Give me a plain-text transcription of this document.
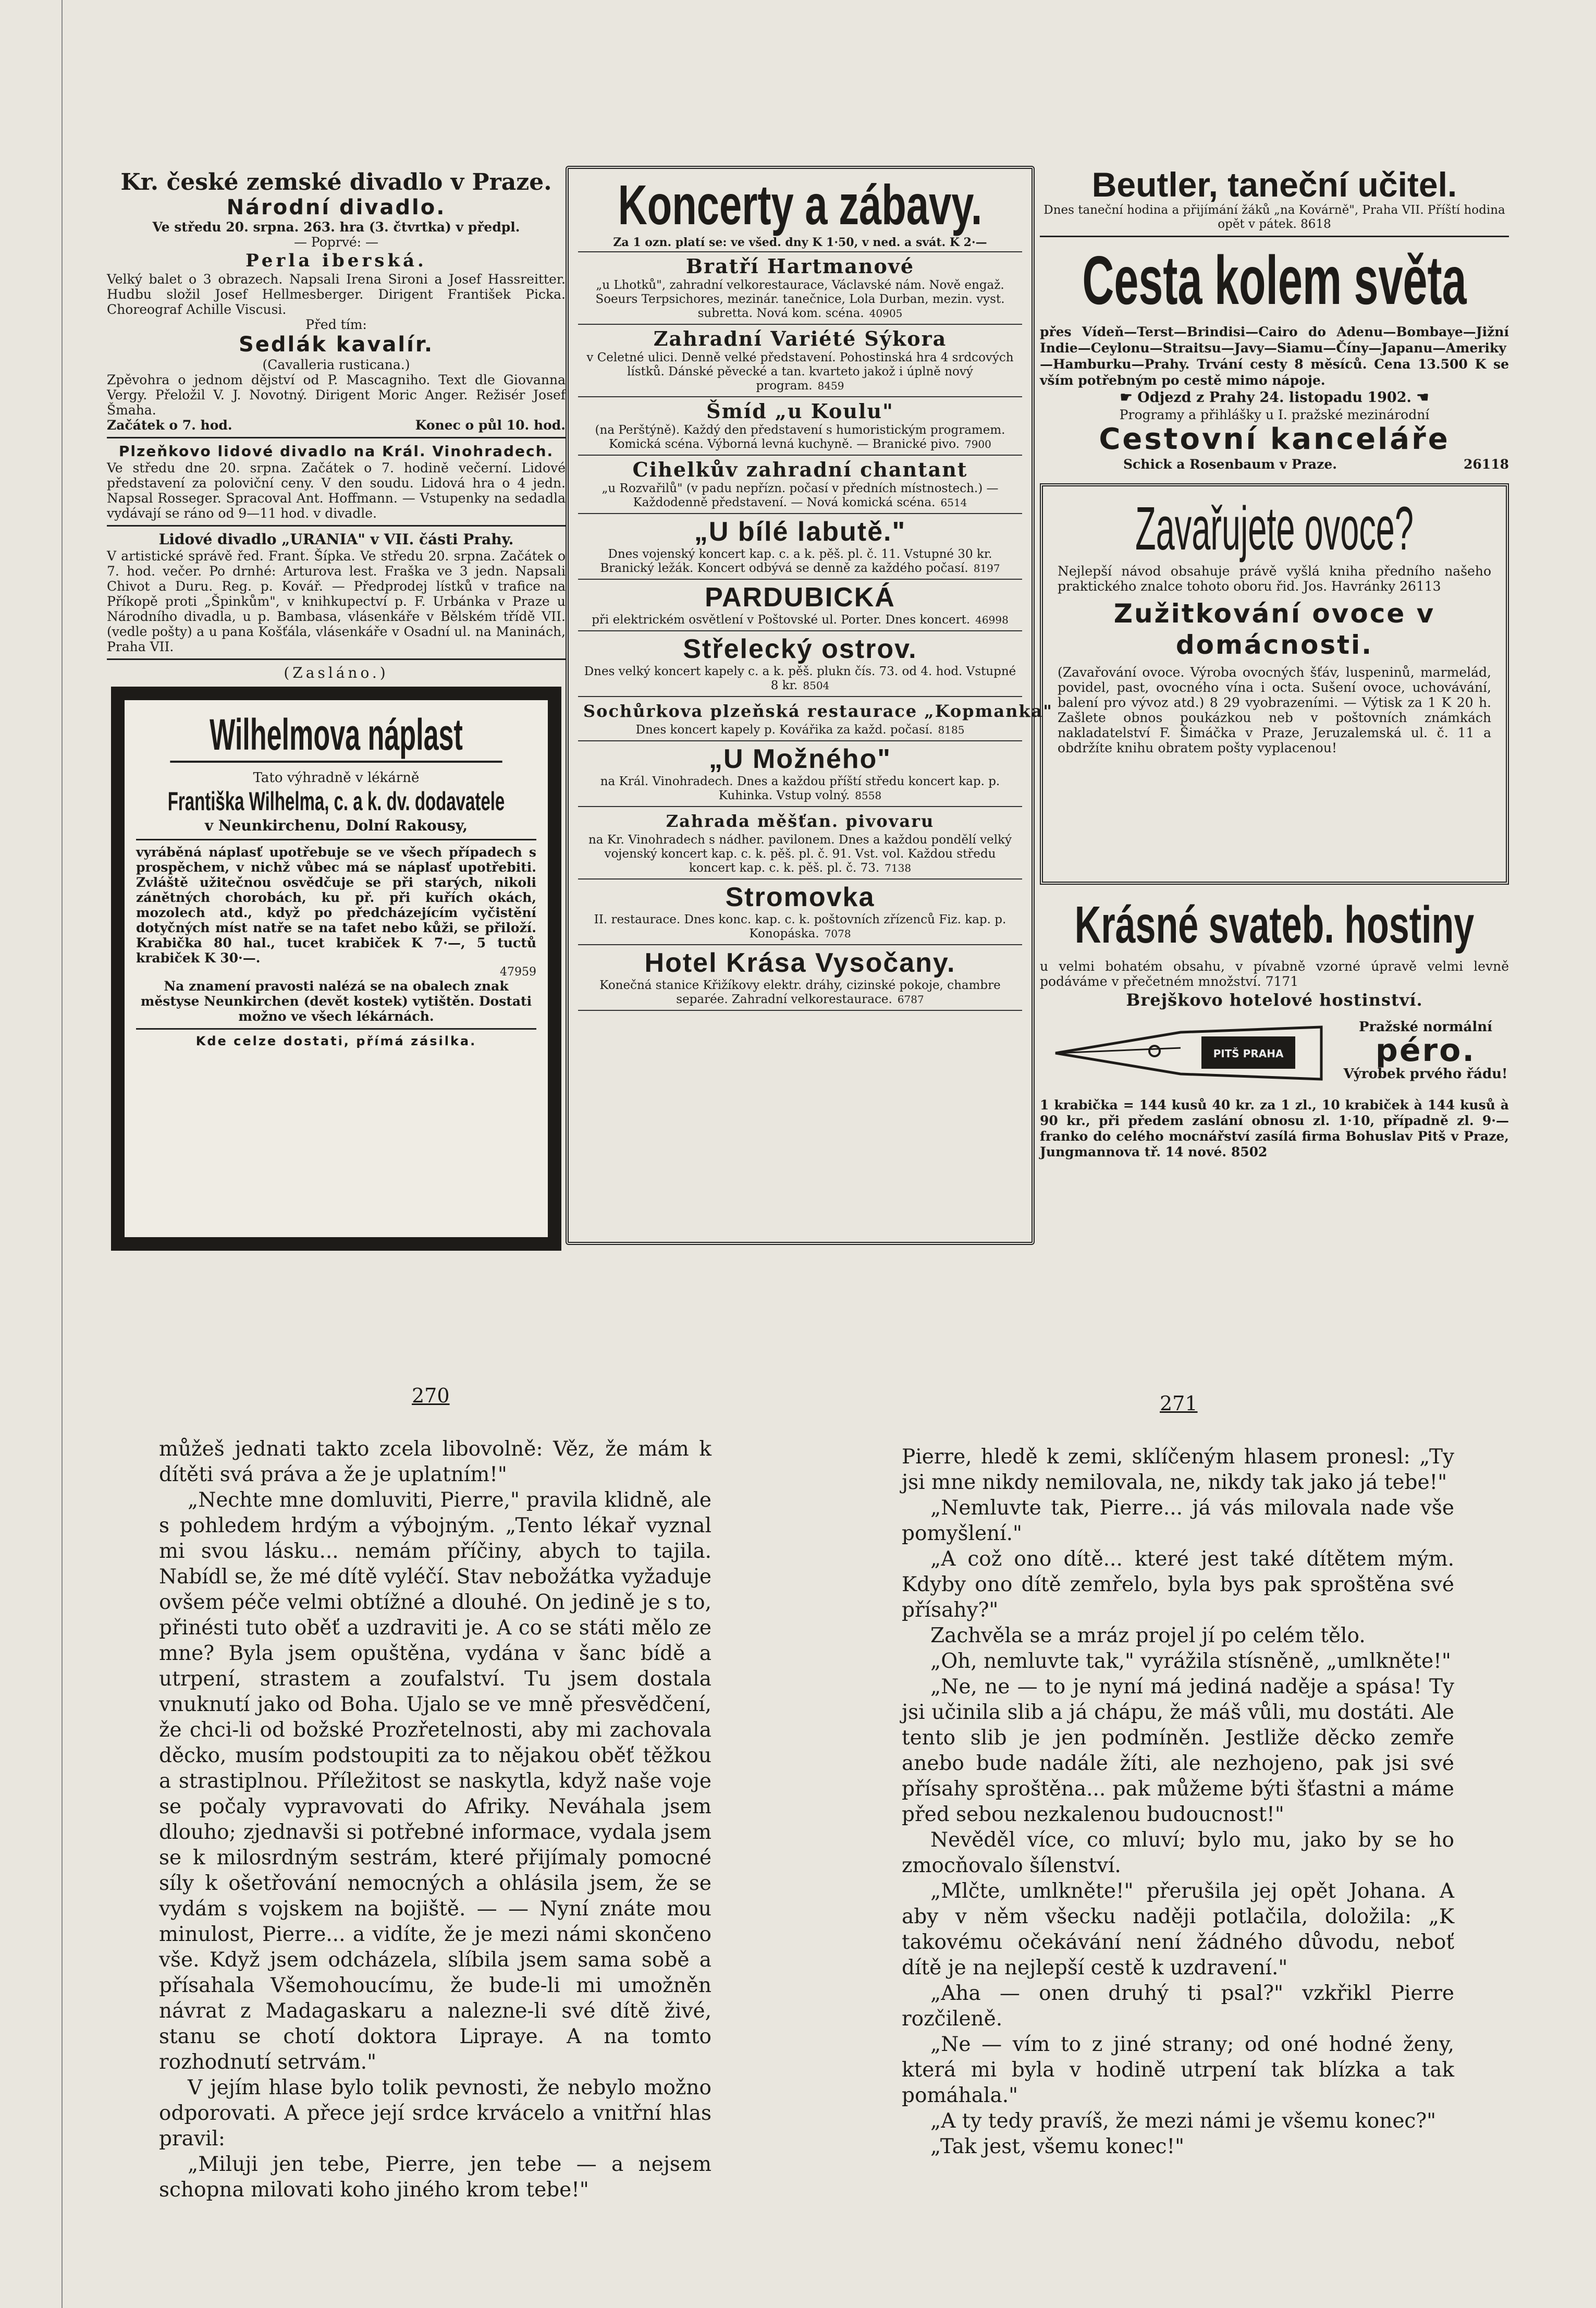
Kr. české zemské divadlo v Praze.
Národní divadlo.
Ve středu 20. srpna. 263. hra (3. čtvrtka) v předpl.
— Poprvé: —
Perla iberská.
Velký balet o 3 obrazech. Napsali Irena Sironi a Josef Hassreitter. Hudbu složil Josef Hellmesberger. Dirigent František Picka. Choreograf Achille Viscusi.
Před tím:
Sedlák kavalír.
(Cavalleria rusticana.)
Zpěvohra o jednom dějství od P. Mascagniho. Text dle Giovanna Vergy. Přeložil V. J. Novotný. Dirigent Moric Anger. Režisér Josef Šmaha.
Začátek o 7. hod.	Konec o půl 10. hod.
Plzeňkovo lidové divadlo na Král. Vinohradech.
Ve středu dne 20. srpna. Začátek o 7. hodině večerní. Lidové představení za poloviční ceny. V den soudu. Lidová hra o 4 jedn. Napsal Rosseger. Spracoval Ant. Hoffmann. — Vstupenky na sedadla vydávají se ráno od 9—11 hod. v divadle.
Lidové divadlo „URANIA" v VII. části Prahy.
V artistické správě řed. Frant. Šípka. Ve středu 20. srpna. Začátek o 7. hod. večer. Po drnhé: Arturova lest. Fraška ve 3 jedn. Napsali Chivot a Duru. Reg. p. Kovář. — Předprodej lístků v trafice na Příkopě proti „Špinkům", v knihkupectví p. F. Urbánka v Praze u Národního divadla, u p. Bambasa, vlásenkáře v Bělském třídě VII. (vedle pošty) a u pana Košťála, vlásenkáře v Osadní ul. na Maninách, Praha VII.
(Zasláno.)
Wilhelmova náplast
Tato výhradně v lékárně
Františka Wilhelma, c. a k. dv. dodavatele
v Neunkirchenu, Dolní Rakousy,
vyráběná náplasť upotřebuje se ve všech případech s prospěchem, v nichž vůbec má se náplasť upotřebiti. Zvláště užitečnou osvědčuje se při starých, nikoli zánětných chorobách, ku př. při kuřích okách, mozolech atd., když po předcházejícím vyčistění dotyčných míst natře se na tafet nebo kůži, se přiloží. Krabička 80 hal., tucet krabiček K 7·—, 5 tuctů krabiček K 30·—.
47959
Na znamení pravosti nalézá se na obalech znak městyse Neunkirchen (devět kostek) vytištěn. Dostati možno ve všech lékárnách.
Kde celze dostati, přímá zásilka.
Koncerty a zábavy.
Za 1 ozn. platí se: ve všed. dny K 1·50, v ned. a svát. K 2·—
Bratří Hartmanové
„u Lhotků", zahradní velkorestaurace, Václavské nám. Nově engaž. Soeurs Terpsichores, mezinár. tanečnice, Lola Durban, mezin. vyst. subretta. Nová kom. scéna. 40905
Zahradní Variété Sýkora
v Celetné ulici. Denně velké představení. Pohostinská hra 4 srdcových lístků. Dánské pěvecké a tan. kvarteto jakož i úplně nový program. 8459
Šmíd „u Koulu"
(na Perštýně). Každý den představení s humoristickým programem. Komická scéna. Výborná levná kuchyně. — Branické pivo. 7900
Cihelkův zahradní chantant
„u Rozvařilů" (v padu nepřízn. počasí v předních místnostech.) — Každodenně představení. — Nová komická scéna. 6514
„U bílé labutě."
Dnes vojenský koncert kap. c. a k. pěš. pl. č. 11. Vstupné 30 kr. Branický ležák. Koncert odbývá se denně za každého počasí. 8197
PARDUBICKÁ
při elektrickém osvětlení v Poštovské ul. Porter. Dnes koncert. 46998
Střelecký ostrov.
Dnes velký koncert kapely c. a k. pěš. plukn čís. 73. od 4. hod. Vstupné 8 kr. 8504
Sochůrkova plzeňská restaurace „Kopmanka"
Dnes koncert kapely p. Kovářika za každ. počasí. 8185
„U Možného"
na Král. Vinohradech. Dnes a každou příští středu koncert kap. p. Kuhinka. Vstup volný. 8558
Zahrada měšťan. pivovaru
na Kr. Vinohradech s nádher. pavilonem. Dnes a každou pondělí velký vojenský koncert kap. c. k. pěš. pl. č. 91. Vst. vol. Každou středu koncert kap. c. k. pěš. pl. č. 73. 7138
Stromovka
II. restaurace. Dnes konc. kap. c. k. poštovních zřízenců Fiz. kap. p. Konopáska. 7078
Hotel Krása Vysočany.
Konečná stanice Křižíkovy elektr. dráhy, cizinské pokoje, chambre separée. Zahradní velkorestaurace. 6787
Beutler, taneční učitel.
Dnes taneční hodina a přijímání žáků „na Kovárně", Praha VII. Příští hodina opět v pátek. 8618
Cesta kolem světa
přes Vídeň—Terst—Brindisi—Cairo do Adenu—Bombaye—Jižní Indie—Ceylonu—Straitsu—Javy—Siamu—Číny—Japanu—Ameriky—Hamburku—Prahy. Trvání cesty 8 měsíců. Cena 13.500 K se vším potřebným po cestě mimo nápoje.
☛ Odjezd z Prahy 24. listopadu 1902. ☚
Programy a přihlášky u I. pražské mezinárodní
Cestovní kanceláře
Schick a Rosenbaum v Praze.	26118
Zavařujete ovoce?
Nejlepší návod obsahuje právě vyšlá kniha předního našeho praktického znalce tohoto oboru řid. Jos. Havránky 26113
Zužitkování ovoce v domácnosti.
(Zavařování ovoce. Výroba ovocných šťáv, luspeninů, marmelád, povidel, past, ovocného vína i octa. Sušení ovoce, uchovávání, balení pro vývoz atd.) 8 29 vyobrazeními. — Výtisk za 1 K 20 h. Zašlete obnos poukázkou neb v poštovních známkách nakladatelství F. Šimáčka v Praze, Jeruzalemská ul. č. 11 a obdržíte knihu obratem pošty vyplacenou!
Krásné svateb. hostiny
u velmi bohatém obsahu, v pívabně vzorné úpravě velmi levně podáváme v přečetném množství. 7171
Brejškovo hotelové hostinství.
PITŠ PRAHA
Pražské normální
péro.
Výrobek prvého řádu!
1 krabička = 144 kusů 40 kr. za 1 zl., 10 krabiček à 144 kusů à 90 kr., při předem zaslání obnosu zl. 1·10, případně zl. 9·— franko do celého mocnářství zasílá firma Bohuslav Pitš v Praze, Jungmannova tř. 14 nové. 8502
270	271

můžeš jednati takto zcela libovolně: Věz, že mám k dítěti svá práva a že je uplatním!"

„Nechte mne domluviti, Pierre," pravila klidně, ale s pohledem hrdým a výbojným. „Tento lékař vyznal mi svou lásku... nemám příčiny, abych to tajila. Nabídl se, že mé dítě vyléčí. Stav nebožátka vyžaduje ovšem péče velmi obtížné a dlouhé. On jedině je s to, přinésti tuto oběť a uzdraviti je. A co se státi mělo ze mne? Byla jsem opuštěna, vydána v šanc bídě a utrpení, strastem a zoufalství. Tu jsem dostala vnuknutí jako od Boha. Ujalo se ve mně přesvědčení, že chci-li od božské Prozřetelnosti, aby mi zachovala děcko, musím podstoupiti za to nějakou oběť těžkou a strastiplnou. Příležitost se naskytla, když naše voje se počaly vypravovati do Afriky. Neváhala jsem dlouho; zjednavši si potřebné informace, vydala jsem se k milosrdným sestrám, které přijímaly pomocné síly k ošetřování nemocných a ohlásila jsem, že se vydám s vojskem na bojiště. — — Nyní znáte mou minulost, Pierre... a vidíte, že je mezi námi skončeno vše. Když jsem odcházela, slíbila jsem sama sobě a přísahala Všemohoucímu, že bude-li mi umožněn návrat z Madagaskaru a nalezne-li své dítě živé, stanu se chotí doktora Lipraye. A na tomto rozhodnutí setrvám."

V jejím hlase bylo tolik pevnosti, že nebylo možno odporovati. A přece její srdce krvácelo a vnitřní hlas pravil:

„Miluji jen tebe, Pierre, jen tebe — a nejsem schopna milovati koho jiného krom tebe!"

Pierre, hledě k zemi, sklíčeným hlasem pronesl: „Ty jsi mne nikdy nemilovala, ne, nikdy tak jako já tebe!"

„Nemluvte tak, Pierre... já vás milovala nade vše pomyšlení."

„A což ono dítě... které jest také dítětem mým. Kdyby ono dítě zemřelo, byla bys pak sproštěna své přísahy?"

Zachvěla se a mráz projel jí po celém tělo.

„Oh, nemluvte tak," vyrážila stísněně, „umlkněte!"

„Ne, ne — to je nyní má jediná naděje a spása! Ty jsi učinila slib a já chápu, že máš vůli, mu dostáti. Ale tento slib je jen podmíněn. Jestliže děcko zemře anebo bude nadále žíti, ale nezhojeno, pak jsi své přísahy sproštěna... pak můžeme býti šťastni a máme před sebou nezkalenou budoucnost!"

Nevěděl více, co mluví; bylo mu, jako by se ho zmocňovalo šílenství.

„Mlčte, umlkněte!" přerušila jej opět Johana. A aby v něm všecku naději potlačila, doložila: „K takovému očekávání není žádného důvodu, neboť dítě je na nejlepší cestě k uzdravení."

„Aha — onen druhý ti psal?" vzkřikl Pierre rozčileně.

„Ne — vím to z jiné strany; od oné hodné ženy, která mi byla v hodině utrpení tak blízka a tak pomáhala."

„A ty tedy pravíš, že mezi námi je všemu konec?"

„Tak jest, všemu konec!"
